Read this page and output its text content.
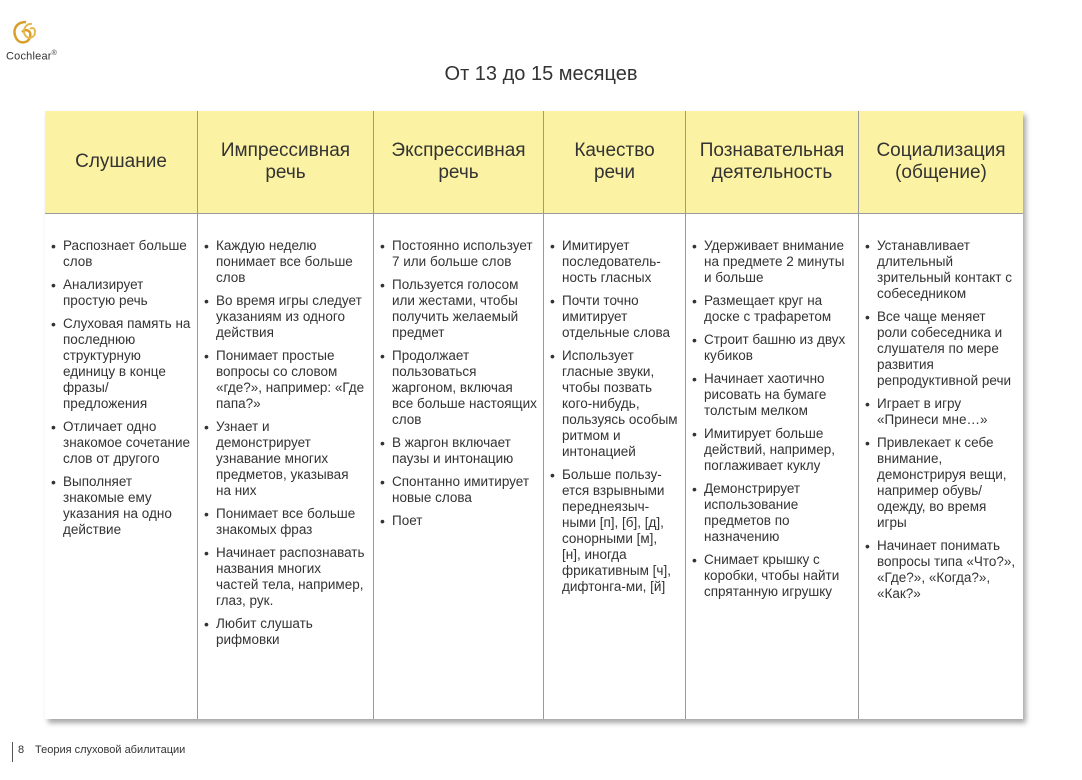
Cochlear®
От 13 до 15 месяцев
Слушание
• Распознает больше слов
• Анализирует простую речь
• Слуховая память на последнюю структурную единицу в конце фразы/ предложения
• Отличает одно знакомое сочетание слов от другого
• Выполняет знакомые ему указания на одно действие
Импрессивная
речь
• Каждую неделю понимает все больше слов
• Во время игры следует указаниям из одного действия
• Понимает простые вопросы со словом «где?», например: «Где папа?»
• Узнает и демонстрирует узнавание многих предметов, указывая на них
• Понимает все больше знакомых фраз
• Начинает распознавать названия многих частей тела, например, глаз, рук.
• Любит слушать рифмовки
Экспрессивная
речь
• Постоянно использует 7 или больше слов
• Пользуется голосом или жестами, чтобы получить желаемый предмет
• Продолжает пользоваться жаргоном, включая все больше настоящих слов
• В жаргон включает паузы и интонацию
• Спонтанно имитирует новые слова
• Поет
Качество
речи
• Имитирует последователь-ность гласных
• Почти точно имитирует отдельные слова
• Использует гласные звуки, чтобы позвать кого-нибудь, пользуясь особым ритмом и интонацией
• Больше пользу-ется взрывными переднеязыч-ными [п], [б], [д], сонорными [м], [н], иногда фрикативным [ч], дифтонга-ми, [й]
Познавательная
деятельность
• Удерживает внимание на предмете 2 минуты и больше
• Размещает круг на доске с трафаретом
• Строит башню из двух кубиков
• Начинает хаотично рисовать на бумаге толстым мелком
• Имитирует больше действий, например, поглаживает куклу
• Демонстрирует использование предметов по назначению
• Снимает крышку с коробки, чтобы найти спрятанную игрушку
Социализация
(общение)
• Устанавливает длительный зрительный контакт с собеседником
• Все чаще меняет роли собеседника и слушателя по мере развития репродуктивной речи
• Играет в игру «Принеси мне…»
• Привлекает к себе внимание, демонстрируя вещи, например обувь/одежду, во время игры
• Начинает понимать вопросы типа «Что?», «Где?», «Когда?», «Как?»
8 Теория слуховой абилитации
